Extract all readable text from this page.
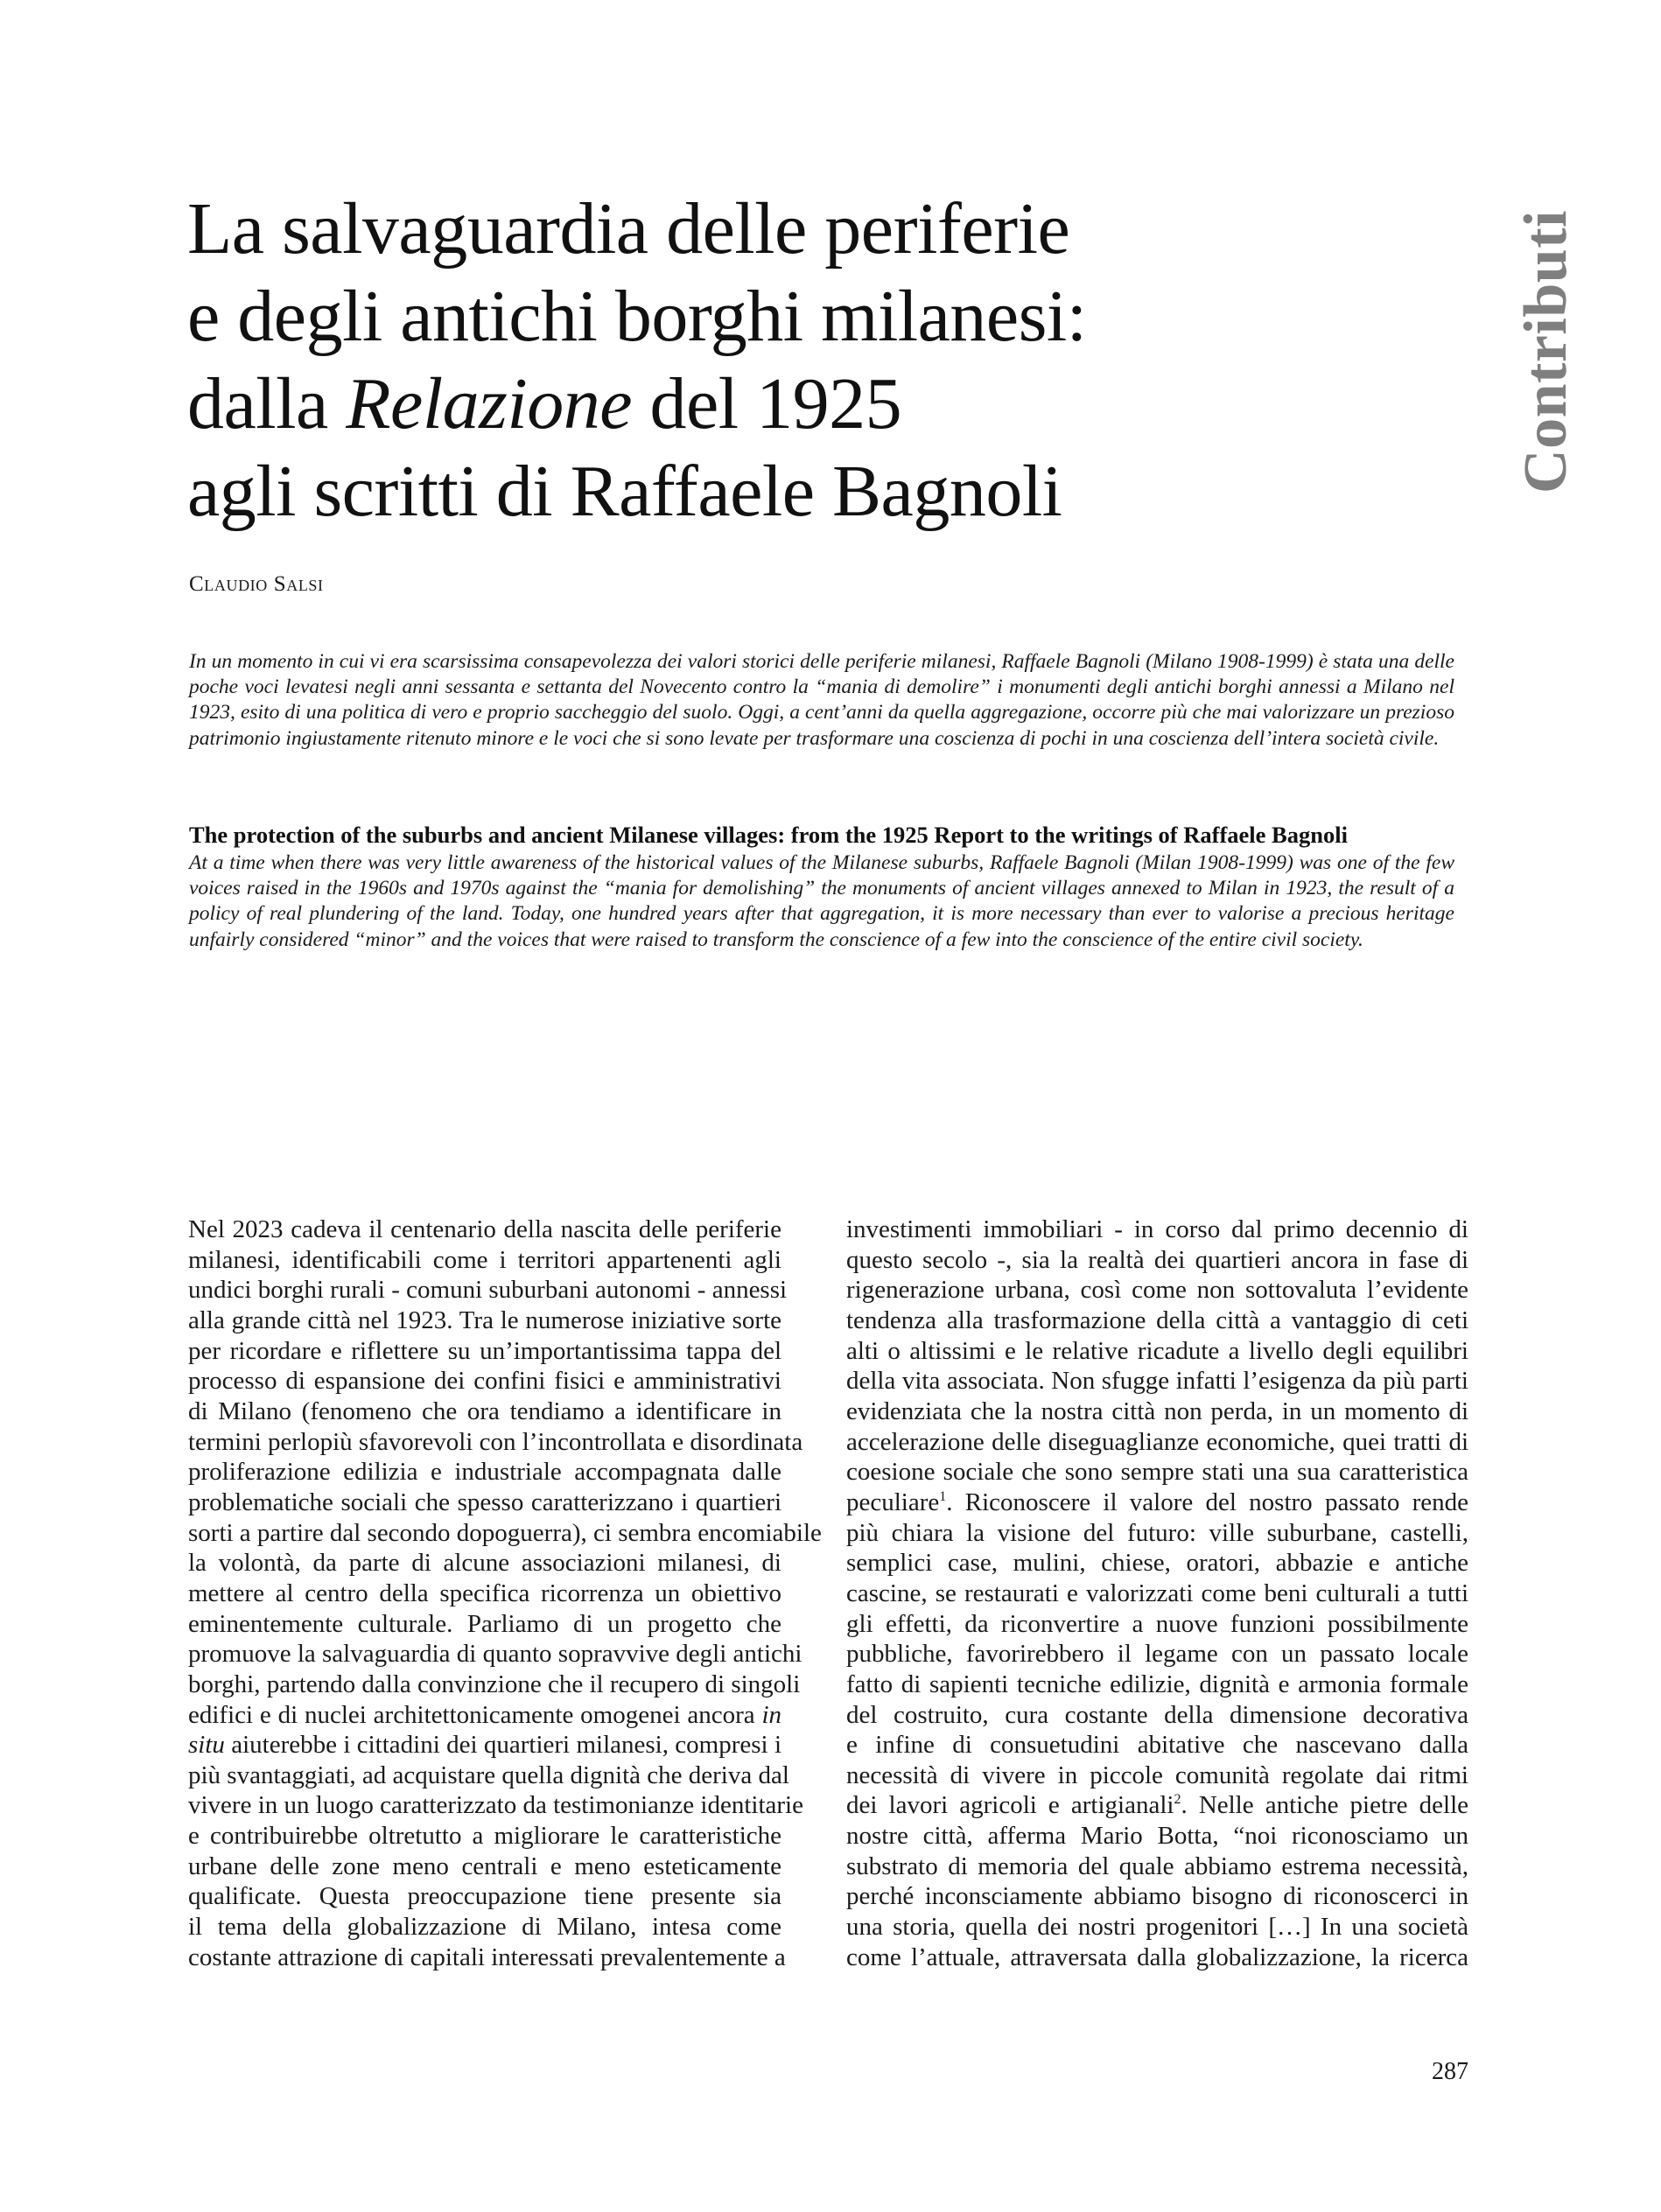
Contributi
La salvaguardia delle periferie
e degli antichi borghi milanesi:
dalla Relazione del 1925
agli scritti di Raffaele Bagnoli
Claudio Salsi
In un momento in cui vi era scarsissima consapevolezza dei valori storici delle periferie milanesi, Raffaele Bagnoli (Milano 1908-1999) è stata una delle poche voci levatesi negli anni sessanta e settanta del Novecento contro la “mania di demolire” i monumenti degli antichi borghi annessi a Milano nel 1923, esito di una politica di vero e proprio saccheggio del suolo. Oggi, a cent’anni da quella aggregazione, occorre più che mai valorizzare un prezioso patrimonio ingiustamente ritenuto minore e le voci che si sono levate per trasformare una coscienza di pochi in una coscienza dell’intera società civile.
The protection of the suburbs and ancient Milanese villages: from the 1925 Report to the writings of Raffaele Bagnoli
At a time when there was very little awareness of the historical values of the Milanese suburbs, Raffaele Bagnoli (Milan 1908-1999) was one of the few voices raised in the 1960s and 1970s against the “mania for demolishing” the monuments of ancient villages annexed to Milan in 1923, the result of a policy of real plundering of the land. Today, one hundred years after that aggregation, it is more necessary than ever to valorise a precious heritage unfairly considered “minor” and the voices that were raised to transform the conscience of a few into the conscience of the entire civil society.
Nel 2023 cadeva il centenario della nascita delle periferie
milanesi, identificabili come i territori appartenenti agli
undici borghi rurali - comuni suburbani autonomi - annessi
alla grande città nel 1923. Tra le numerose iniziative sorte
per ricordare e riflettere su un’importantissima tappa del
processo di espansione dei confini fisici e amministrativi
di Milano (fenomeno che ora tendiamo a identificare in
termini perlopiù sfavorevoli con l’incontrollata e disordinata
proliferazione edilizia e industriale accompagnata dalle
problematiche sociali che spesso caratterizzano i quartieri
sorti a partire dal secondo dopoguerra), ci sembra encomiabile
la volontà, da parte di alcune associazioni milanesi, di
mettere al centro della specifica ricorrenza un obiettivo
eminentemente culturale. Parliamo di un progetto che
promuove la salvaguardia di quanto sopravvive degli antichi
borghi, partendo dalla convinzione che il recupero di singoli
edifici e di nuclei architettonicamente omogenei ancora in
situ aiuterebbe i cittadini dei quartieri milanesi, compresi i
più svantaggiati, ad acquistare quella dignità che deriva dal
vivere in un luogo caratterizzato da testimonianze identitarie
e contribuirebbe oltretutto a migliorare le caratteristiche
urbane delle zone meno centrali e meno esteticamente
qualificate. Questa preoccupazione tiene presente sia
il tema della globalizzazione di Milano, intesa come
costante attrazione di capitali interessati prevalentemente a
investimenti immobiliari - in corso dal primo decennio di
questo secolo -, sia la realtà dei quartieri ancora in fase di
rigenerazione urbana, così come non sottovaluta l’evidente
tendenza alla trasformazione della città a vantaggio di ceti
alti o altissimi e le relative ricadute a livello degli equilibri
della vita associata. Non sfugge infatti l’esigenza da più parti
evidenziata che la nostra città non perda, in un momento di
accelerazione delle diseguaglianze economiche, quei tratti di
coesione sociale che sono sempre stati una sua caratteristica
peculiare$^1$. Riconoscere il valore del nostro passato rende
più chiara la visione del futuro: ville suburbane, castelli,
semplici case, mulini, chiese, oratori, abbazie e antiche
cascine, se restaurati e valorizzati come beni culturali a tutti
gli effetti, da riconvertire a nuove funzioni possibilmente
pubbliche, favorirebbero il legame con un passato locale
fatto di sapienti tecniche edilizie, dignità e armonia formale
del costruito, cura costante della dimensione decorativa
e infine di consuetudini abitative che nascevano dalla
necessità di vivere in piccole comunità regolate dai ritmi
dei lavori agricoli e artigianali$^2$. Nelle antiche pietre delle
nostre città, afferma Mario Botta, “noi riconosciamo un
substrato di memoria del quale abbiamo estrema necessità,
perché inconsciamente abbiamo bisogno di riconoscerci in
una storia, quella dei nostri progenitori […] In una società
come l’attuale, attraversata dalla globalizzazione, la ricerca
287
